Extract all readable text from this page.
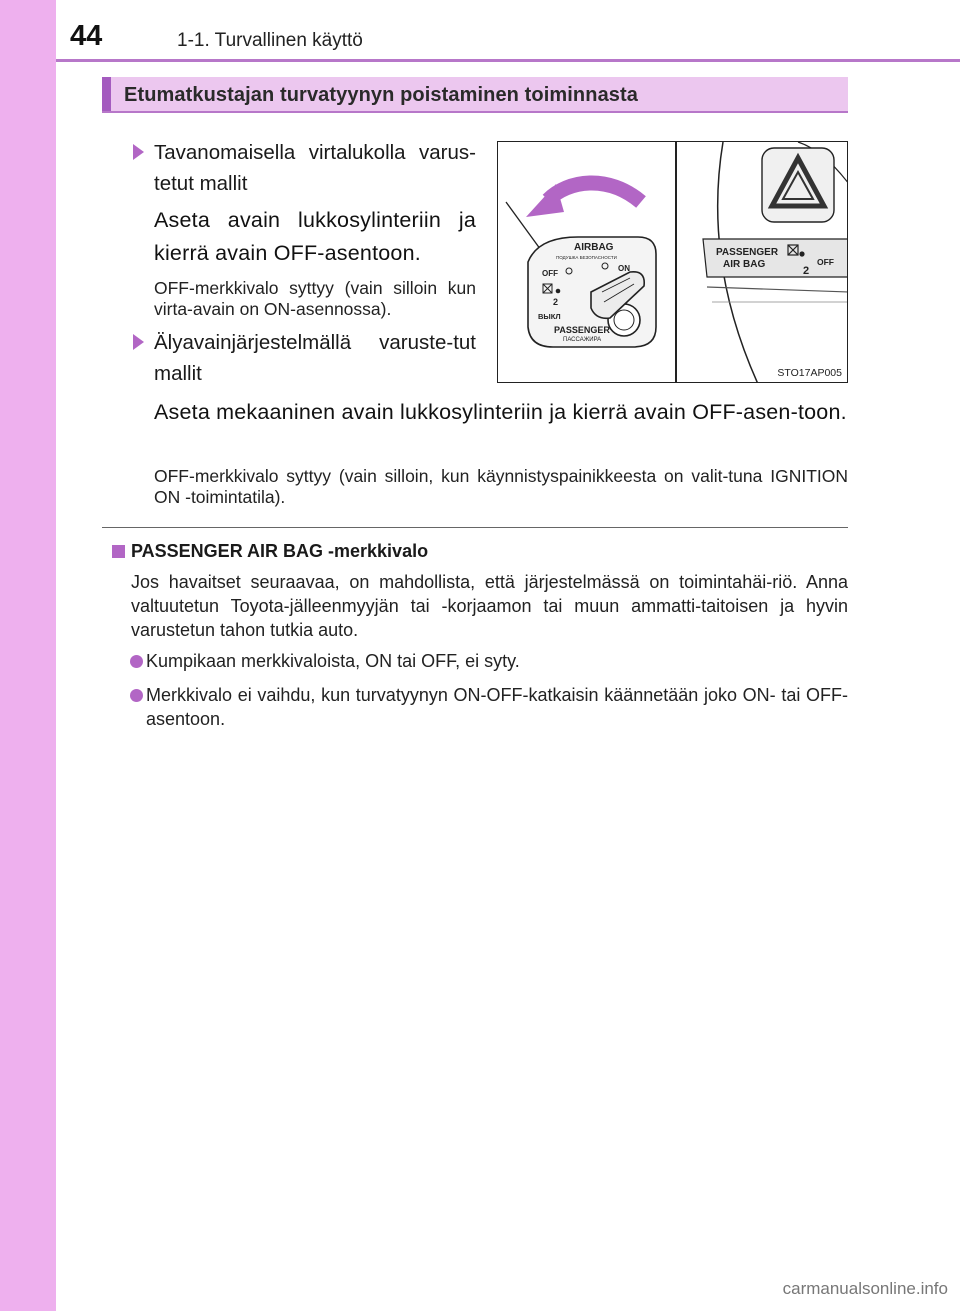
44	1-1. Turvallinen käyttö
Etumatkustajan turvatyynyn poistaminen toiminnasta
Tavanomaisella virtalukolla varus-tetut mallit
Aseta avain lukkosylinteriin ja kierrä avain OFF-asentoon.
OFF-merkkivalo syttyy (vain silloin kun virta-avain on ON-asennossa).
Älyavainjärjestelmällä varuste-tut mallit
Aseta mekaaninen avain lukkosylinteriin ja kierrä avain OFF-asen-toon.
OFF-merkkivalo syttyy (vain silloin, kun käynnistyspainikkeesta on valit-tuna IGNITION ON -toimintatila).
AIRBAG
ПОДУШКА БЕЗОПАСНОСТИ
OFF
ON
2
ВЫКЛ
PASSENGER
ПАССАЖИРА
PASSENGER
AIR BAG
2
OFF
STO17AP005
PASSENGER AIR BAG -merkkivalo
Jos havaitset seuraavaa, on mahdollista, että järjestelmässä on toimintahäi-riö. Anna valtuutetun Toyota-jälleenmyyjän tai -korjaamon tai muun ammatti-taitoisen ja hyvin varustetun tahon tutkia auto.
Kumpikaan merkkivaloista, ON tai OFF, ei syty.
Merkkivalo ei vaihdu, kun turvatyynyn ON-OFF-katkaisin käännetään joko ON- tai OFF-asentoon.
carmanualsonline.info
